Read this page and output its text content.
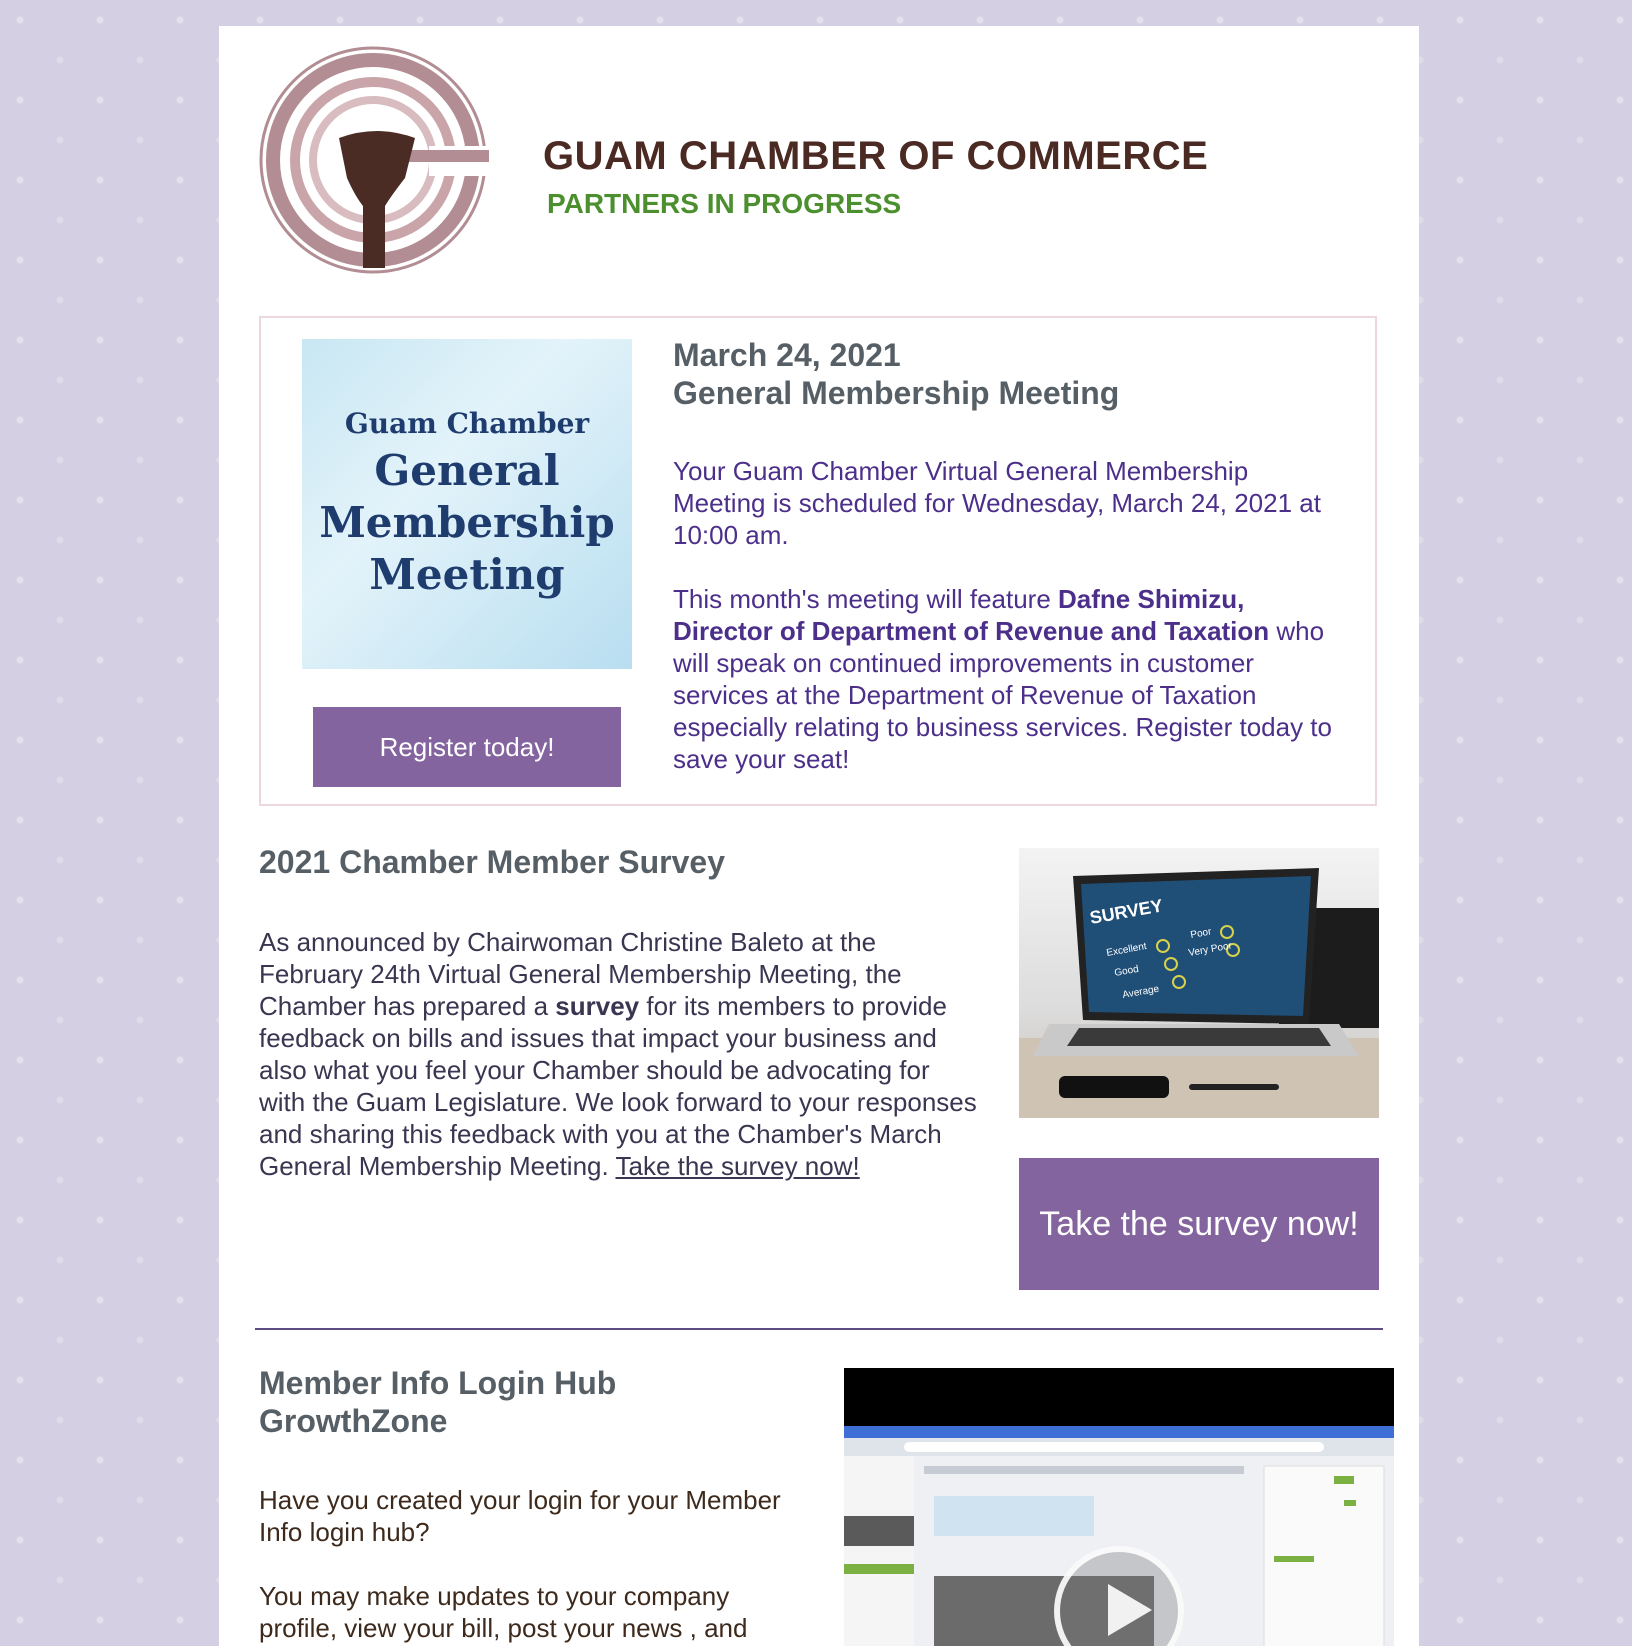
GUAM CHAMBER OF COMMERCE
PARTNERS IN PROGRESS
Guam Chamber
General
Membership
Meeting
Register today!

March 24, 2021

General Membership Meeting

Your Guam Chamber Virtual General Membership Meeting is scheduled for Wednesday, March 24, 2021 at 10:00 am.

This month's meeting will feature Dafne Shimizu, Director of Department of Revenue and Taxation who will speak on continued improvements in customer services at the Department of Revenue of Taxation especially relating to business services. Register today to save your seat!

2021 Chamber Member Survey
As announced by Chairwoman Christine Baleto at the February 24th Virtual General Membership Meeting, the Chamber has prepared a survey for its members to provide feedback on bills and issues that impact your business and also what you feel your Chamber should be advocating for with the Guam Legislature. We look forward to your responses and sharing this feedback with you at the Chamber's March General Membership Meeting. Take the survey now!
SURVEY
Excellent
Good
Average
Poor
Very Poor
Take the survey now!
Member Info Login Hub GrowthZone

Have you created your login for your Member Info login hub?

You may make updates to your company profile, view your bill, post your news , and
